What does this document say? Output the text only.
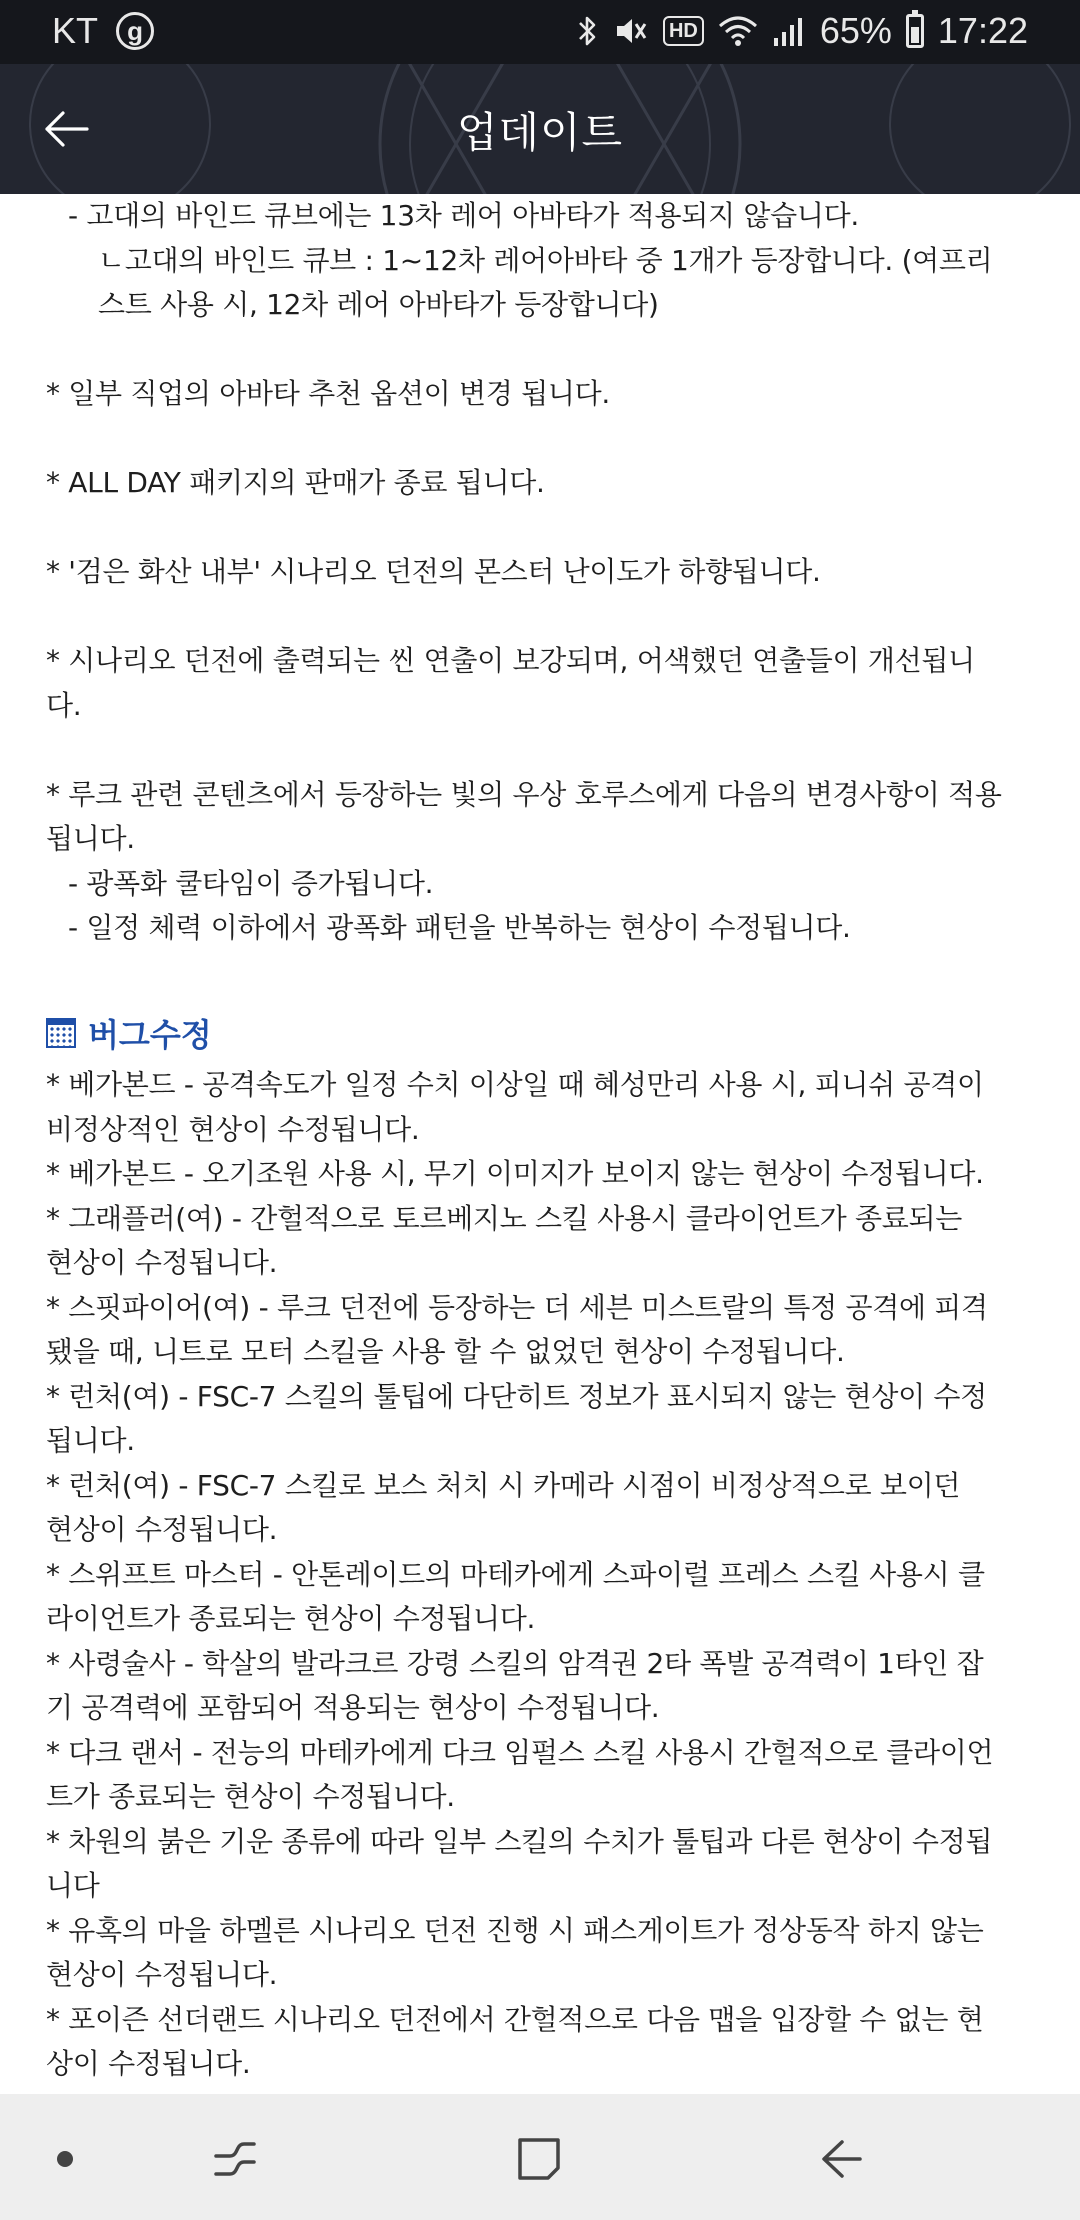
KT	g	HD	65% 17:22
업데이트
- 고대의 바인드 큐브에는 13차 레어 아바타가 적용되지 않습니다.
ㄴ고대의 바인드 큐브 : 1~12차 레어아바타 중 1개가 등장합니다. (여프리
스트 사용 시, 12차 레어 아바타가 등장합니다)
* 일부 직업의 아바타 추천 옵션이 변경 됩니다.
* ALL DAY 패키지의 판매가 종료 됩니다.
* '검은 화산 내부' 시나리오 던전의 몬스터 난이도가 하향됩니다.
* 시나리오 던전에 출력되는 씬 연출이 보강되며, 어색했던 연출들이 개선됩니
다.
* 루크 관련 콘텐츠에서 등장하는 빛의 우상 호루스에게 다음의 변경사항이 적용
됩니다.
- 광폭화 쿨타임이 증가됩니다.
- 일정 체력 이하에서 광폭화 패턴을 반복하는 현상이 수정됩니다.
버그수정
* 베가본드 - 공격속도가 일정 수치 이상일 때 혜성만리 사용 시, 피니쉬 공격이
비정상적인 현상이 수정됩니다.
* 베가본드 - 오기조원 사용 시, 무기 이미지가 보이지 않는 현상이 수정됩니다.
* 그래플러(여) - 간헐적으로 토르베지노 스킬 사용시 클라이언트가 종료되는
현상이 수정됩니다.
* 스핏파이어(여) - 루크 던전에 등장하는 더 세븐 미스트랄의 특정 공격에 피격
됐을 때, 니트로 모터 스킬을 사용 할 수 없었던 현상이 수정됩니다.
* 런처(여) - FSC-7 스킬의 툴팁에 다단히트 정보가 표시되지 않는 현상이 수정
됩니다.
* 런처(여) - FSC-7 스킬로 보스 처치 시 카메라 시점이 비정상적으로 보이던
현상이 수정됩니다.
* 스위프트 마스터 - 안톤레이드의 마테카에게 스파이럴 프레스 스킬 사용시 클
라이언트가 종료되는 현상이 수정됩니다.
* 사령술사 - 학살의 발라크르 강령 스킬의 암격권 2타 폭발 공격력이 1타인 잡
기 공격력에 포함되어 적용되는 현상이 수정됩니다.
* 다크 랜서 - 전능의 마테카에게 다크 임펄스 스킬 사용시 간헐적으로 클라이언
트가 종료되는 현상이 수정됩니다.
* 차원의 붉은 기운 종류에 따라 일부 스킬의 수치가 툴팁과 다른 현상이 수정됩
니다
* 유혹의 마을 하멜른 시나리오 던전 진행 시 패스게이트가 정상동작 하지 않는
현상이 수정됩니다.
* 포이즌 선더랜드 시나리오 던전에서 간헐적으로 다음 맵을 입장할 수 없는 현
상이 수정됩니다.
